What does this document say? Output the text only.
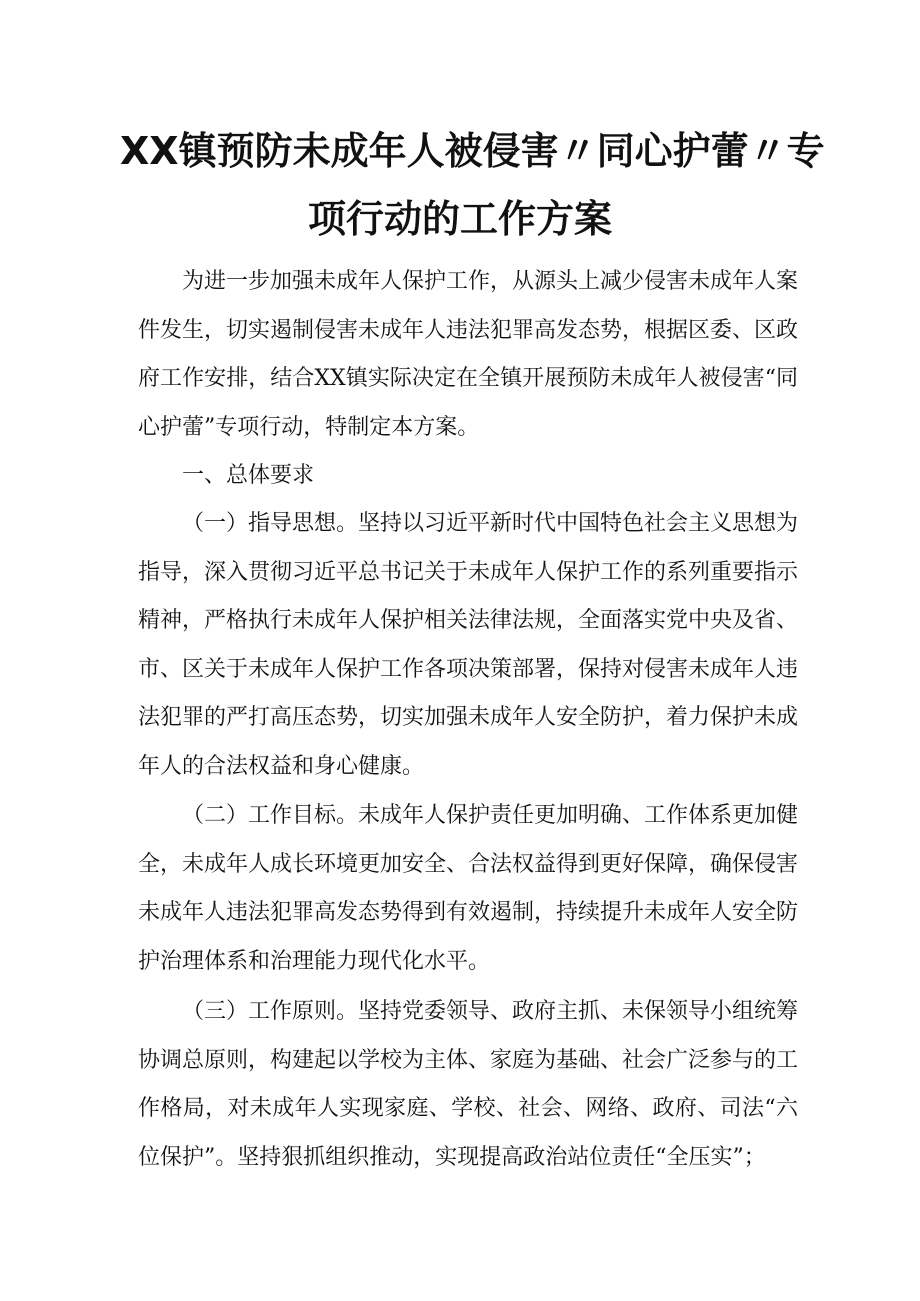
XX镇预防未成年人被侵害〃同心护蕾〃专
项行动的工作方案

为进一步加强未成年人保护工作，从源头上减少侵害未成年人案件发生，切实遏制侵害未成年人违法犯罪高发态势，根据区委、区政府工作安排，结合XX镇实际决定在全镇开展预防未成年人被侵害“同心护蕾”专项行动，特制定本方案。

一、总体要求

（一）指导思想。坚持以习近平新时代中国特色社会主义思想为指导，深入贯彻习近平总书记关于未成年人保护工作的系列重要指示精神，严格执行未成年人保护相关法律法规，全面落实党中央及省、市、区关于未成年人保护工作各项决策部署，保持对侵害未成年人违法犯罪的严打高压态势，切实加强未成年人安全防护，着力保护未成年人的合法权益和身心健康。

（二）工作目标。未成年人保护责任更加明确、工作体系更加健全，未成年人成长环境更加安全、合法权益得到更好保障，确保侵害未成年人违法犯罪高发态势得到有效遏制，持续提升未成年人安全防护治理体系和治理能力现代化水平。

（三）工作原则。坚持党委领导、政府主抓、未保领导小组统筹协调总原则，构建起以学校为主体、家庭为基础、社会广泛参与的工作格局，对未成年人实现家庭、学校、社会、网络、政府、司法“六位保护”。坚持狠抓组织推动，实现提高政治站位责任“全压实”；
